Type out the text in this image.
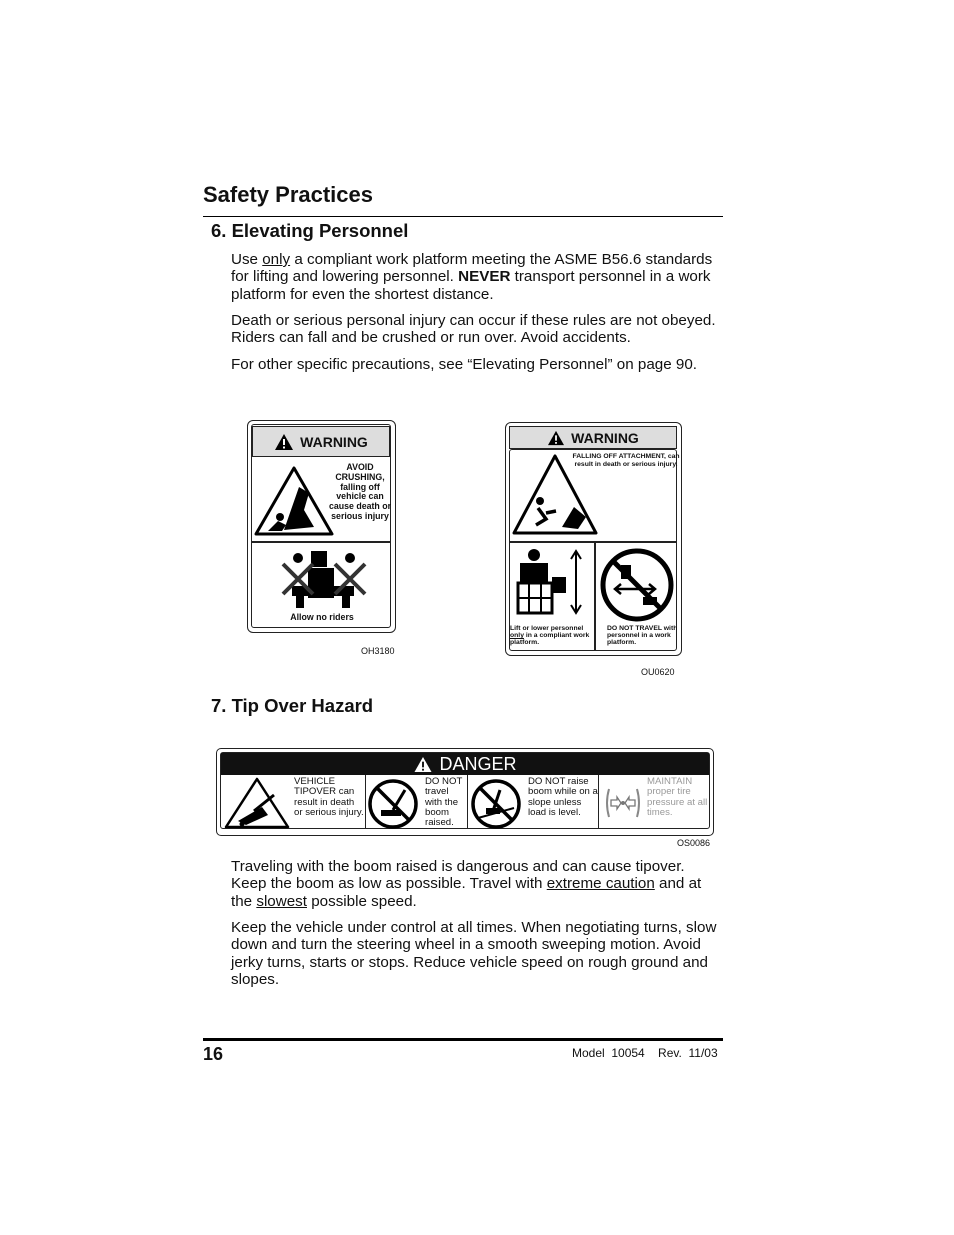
Safety Practices
6. Elevating Personnel

Use only a compliant work platform meeting the ASME B56.6 standards for lifting and lowering personnel. NEVER transport personnel in a work platform for even the shortest distance.

Death or serious personal injury can occur if these rules are not obeyed. Riders can fall and be crushed or run over. Avoid accidents.
For other specific precautions, see “Elevating Personnel” on page 90.
WARNING
AVOID CRUSHING, falling off vehicle can cause death or serious injury
Allow no riders
OH3180
WARNING
FALLING OFF ATTACHMENT, can result in death or serious injury.
Lift or lower personnel only in a compliant work platform.
DO NOT TRAVEL with personnel in a work platform.
OU0620
7. Tip Over Hazard
DANGER
VEHICLE TIPOVER can result in death or serious injury.
DO NOT travel with the boom raised.
DO NOT raise boom while on a slope unless load is level.
MAINTAIN proper tire pressure at all times.
OS0086

Traveling with the boom raised is dangerous and can cause tipover. Keep the boom as low as possible. Travel with extreme caution and at the slowest possible speed.

Keep the vehicle under control at all times. When negotiating turns, slow down and turn the steering wheel in a smooth sweeping motion. Avoid jerky turns, starts or stops. Reduce vehicle speed on rough ground and slopes.
16	Model  10054    Rev.  11/03
